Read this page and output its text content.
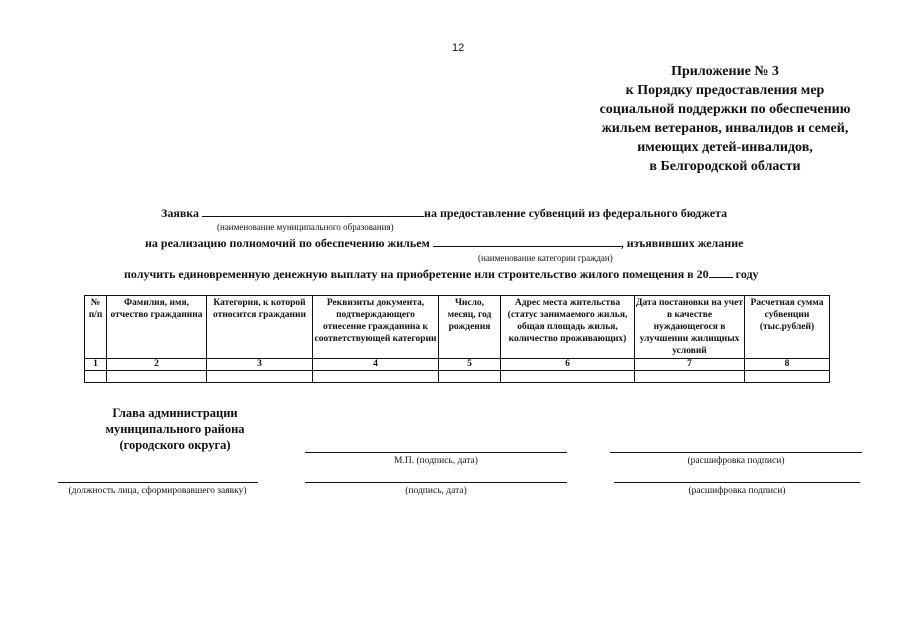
12
Приложение № 3
к Порядку предоставления мер
социальной поддержки по обеспечению
жильем ветеранов, инвалидов и семей,
имеющих детей-инвалидов,
в Белгородской области
Заявка	на предоставление субвенций из федерального бюджета
(наименование муниципального образования)
на реализацию полномочий по обеспечению жильем	, изъявивших желание
(наименование категории граждан)
получить единовременную денежную выплату на приобретение или строительство жилого помещения в 20 году
№ п/п	Фамилия, имя, отчество гражданина	Категория, к которой относится граждании	Реквизиты документа, подтверждающего отнесение гражданина к соответствующей категории	Число, месяц, год рождения	Адрес места жительства (статус занимаемого жилья, общая площадь жилья, количество проживающих)	Дата постановки на учет в качестве нуждающегося в улучшении жилищных условий	Расчетная сумма субвенции (тыс.рублей)
1	2	3	4	5	6	7	8

Глава администрации муниципального района (городского округа)
М.П. (подпись, дата)	(расшифровка подписи)
(должность лица, сформировавшего заявку)	(подпись, дата)	(расшифровка подписи)
